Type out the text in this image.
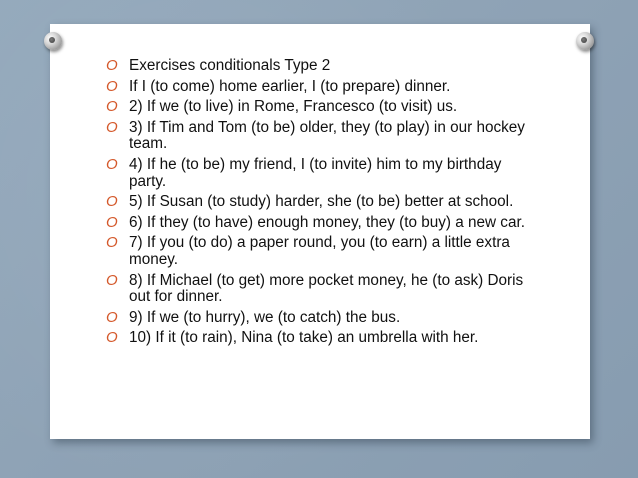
O Exercises conditionals Type 2
O If I (to come) home earlier, I (to prepare) dinner.
O 2) If we (to live) in Rome, Francesco (to visit) us.
O 3) If Tim and Tom (to be) older, they (to play) in our hockey team.
O 4) If he (to be) my friend, I (to invite) him to my birthday party.
O 5) If Susan (to study) harder, she (to be) better at school.
O 6) If they (to have) enough money, they (to buy) a new car.
O 7) If you (to do) a paper round, you (to earn) a little extra money.
O 8) If Michael (to get) more pocket money, he (to ask) Doris out for dinner.
O 9) If we (to hurry), we (to catch) the bus.
O 10) If it (to rain), Nina (to take) an umbrella with her.
